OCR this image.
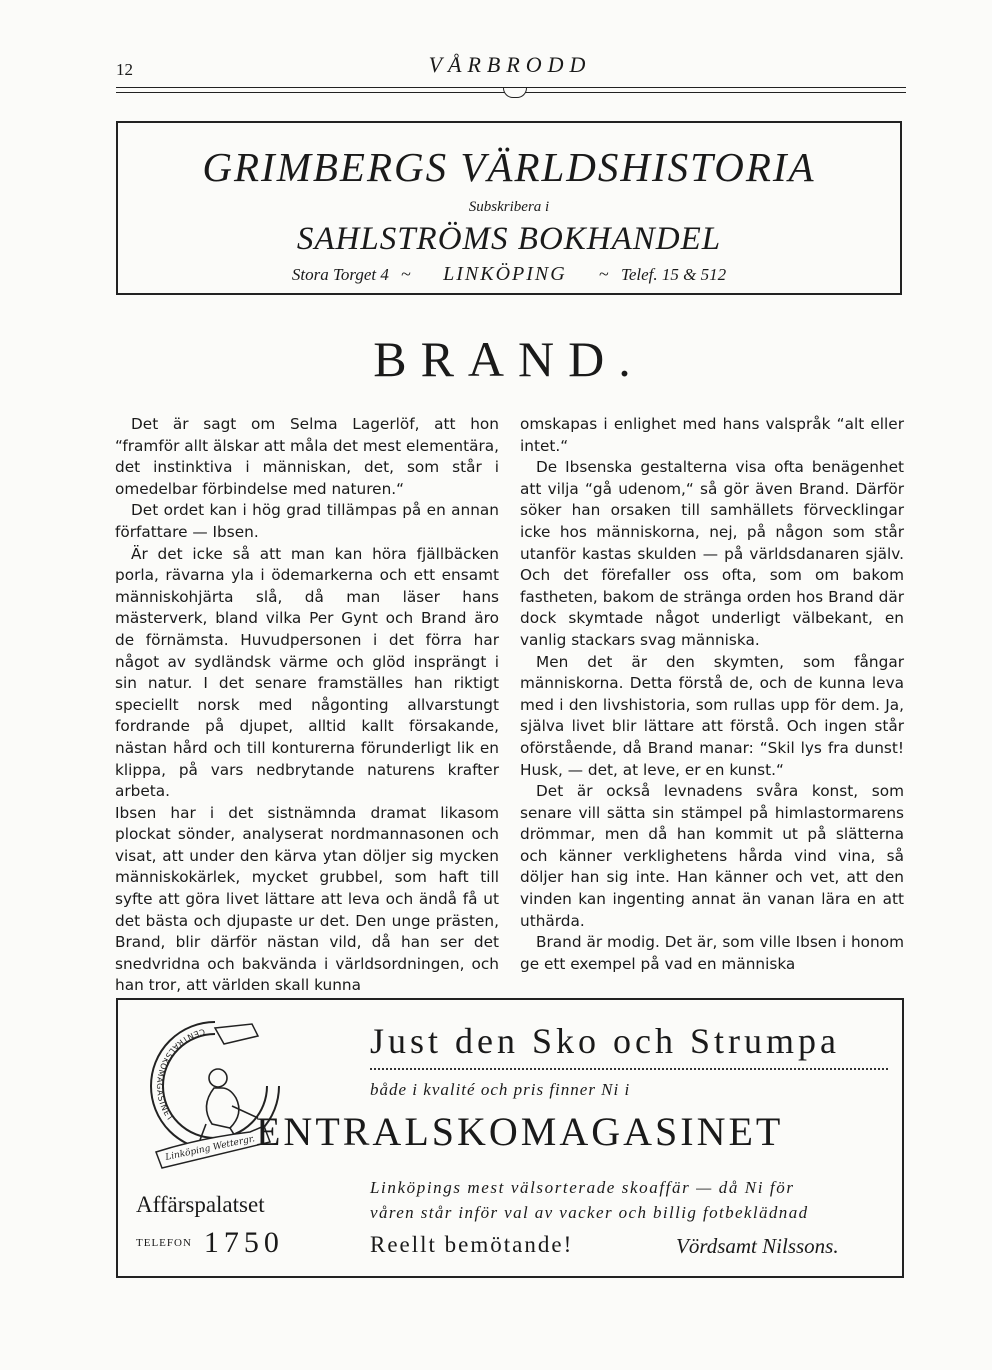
12	VÅRBRODD
GRIMBERGS VÄRLDSHISTORIA
Subskribera i
SAHLSTRÖMS BOKHANDEL
Stora Torget 4 ~ LINKÖPING ~ Telef. 15 & 512
BRAND.

Det är sagt om Selma Lagerlöf, att hon “framför allt älskar att måla det mest elementära, det instinktiva i människan, det, som står i omedelbar förbindelse med naturen.“

Det ordet kan i hög grad tillämpas på en annan författare — Ibsen.

Är det icke så att man kan höra fjällbäcken porla, rävarna yla i ödemarkerna och ett ensamt människohjärta slå, då man läser hans mästerverk, bland vilka Per Gynt och Brand äro de förnämsta. Huvudpersonen i det förra har något av sydländsk värme och glöd insprängt i sin natur. I det senare framställes han riktigt speciellt norsk med någonting allvarstungt fordrande på djupet, alltid kallt försakande, nästan hård och till konturerna förunderligt lik en klippa, på vars nedbrytande naturens krafter arbeta.

Ibsen har i det sistnämnda dramat likasom plockat sönder, analyserat nordmannasonen och visat, att under den kärva ytan döljer sig mycken människokärlek, mycket grubbel, som haft till syfte att göra livet lättare att leva och ändå få ut det bästa och djupaste ur det. Den unge prästen, Brand, blir därför nästan vild, då han ser det snedvridna och bakvända i världsordningen, och han tror, att världen skall kunna

omskapas i enlighet med hans valspråk “alt eller intet.“

De Ibsenska gestalterna visa ofta benägenhet att vilja “gå udenom,“ så gör även Brand. Därför söker han orsaken till samhällets förvecklingar icke hos människorna, nej, på någon som står utanför kastas skulden — på världsdanaren själv. Och det förefaller oss ofta, som om bakom fastheten, bakom de stränga orden hos Brand där dock skymtade något underligt välbekant, en vanlig stackars svag människa.

Men det är den skymten, som fångar människorna. Detta förstå de, och de kunna leva med i den livshistoria, som rullas upp för dem. Ja, själva livet blir lättare att förstå. Och ingen står oförstående, då Brand manar: “Skil lys fra dunst! Husk, — det, at leve, er en kunst.“

Det är också levnadens svåra konst, som senare vill sätta sin stämpel på himlastormarens drömmar, men då han kommit ut på slätterna och känner verklighetens hårda vind vina, så döljer han sig inte. Han känner och vet, att den vinden kan ingenting annat än vanan lära en att uthärda.

Brand är modig. Det är, som ville Ibsen i honom ge ett exempel på vad en människa

CENTRALSKOMAGASINET
Linköping Wettergr.
Just den Sko och Strumpa
både i kvalité och pris finner Ni i
ENTRALSKOMAGASINET
Linköpings mest välsorterade skoaffär — då Ni för
våren står inför val av vacker och billig fotbeklädnad
Affärspalatset
TELEFON 1750	Reellt bemötande!	Vördsamt Nilssons.
